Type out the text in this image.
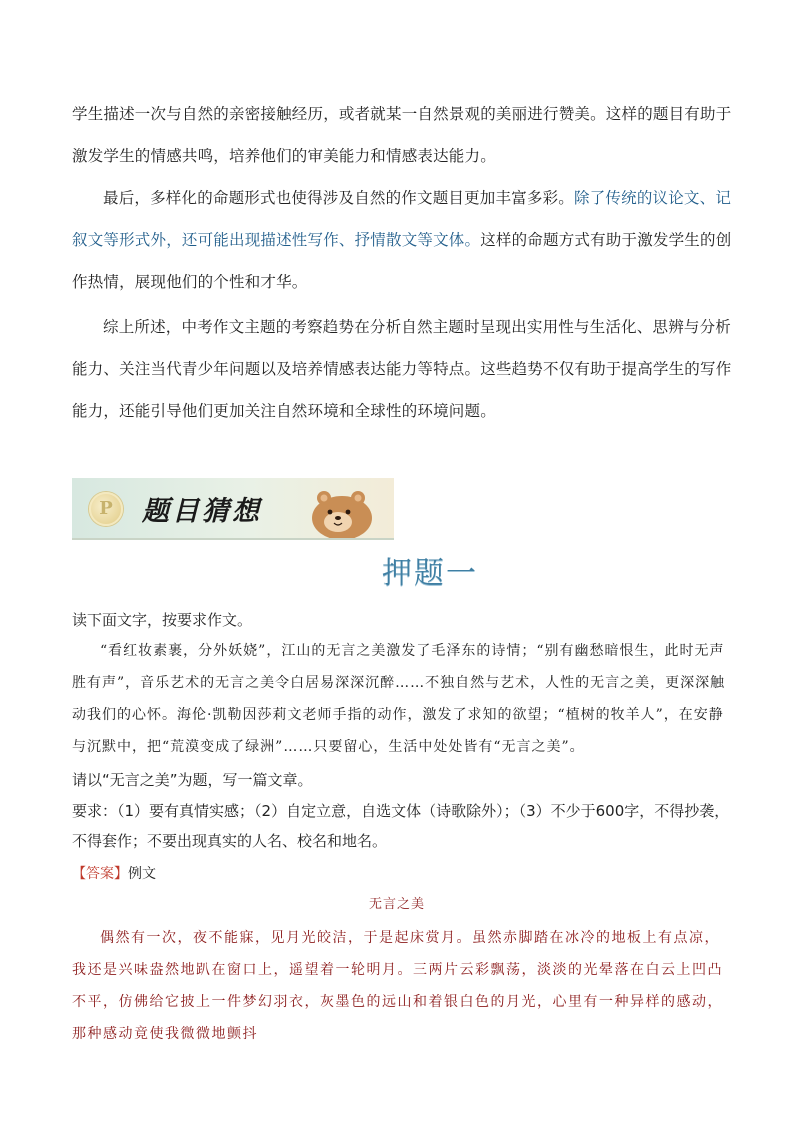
学生描述一次与自然的亲密接触经历，或者就某一自然景观的美丽进行赞美。这样的题目有助于激发学生的情感共鸣，培养他们的审美能力和情感表达能力。
最后，多样化的命题形式也使得涉及自然的作文题目更加丰富多彩。除了传统的议论文、记叙文等形式外，还可能出现描述性写作、抒情散文等文体。这样的命题方式有助于激发学生的创作热情，展现他们的个性和才华。
综上所述，中考作文主题的考察趋势在分析自然主题时呈现出实用性与生活化、思辨与分析能力、关注当代青少年问题以及培养情感表达能力等特点。这些趋势不仅有助于提高学生的写作能力，还能引导他们更加关注自然环境和全球性的环境问题。
P	题目猜想
押题一
读下面文字，按要求作文。
“看红妆素裹，分外妖娆”，江山的无言之美激发了毛泽东的诗情；“别有幽愁暗恨生，此时无声胜有声”，音乐艺术的无言之美令白居易深深沉醉……不独自然与艺术，人性的无言之美，更深深触动我们的心怀。海伦·凯勒因莎莉文老师手指的动作，激发了求知的欲望；“植树的牧羊人”，在安静与沉默中，把“荒漠变成了绿洲”……只要留心，生活中处处皆有“无言之美”。
请以“无言之美”为题，写一篇文章。
要求：（1）要有真情实感；（2）自定立意，自选文体（诗歌除外）；（3）不少于600字，不得抄袭，不得套作；不要出现真实的人名、校名和地名。
【答案】例文
无言之美
偶然有一次，夜不能寐，见月光皎洁，于是起床赏月。虽然赤脚踏在冰冷的地板上有点凉，我还是兴味盎然地趴在窗口上，遥望着一轮明月。三两片云彩飘荡，淡淡的光晕落在白云上凹凸不平，仿佛给它披上一件梦幻羽衣，灰墨色的远山和着银白色的月光，心里有一种异样的感动，那种感动竟使我微微地颤抖
